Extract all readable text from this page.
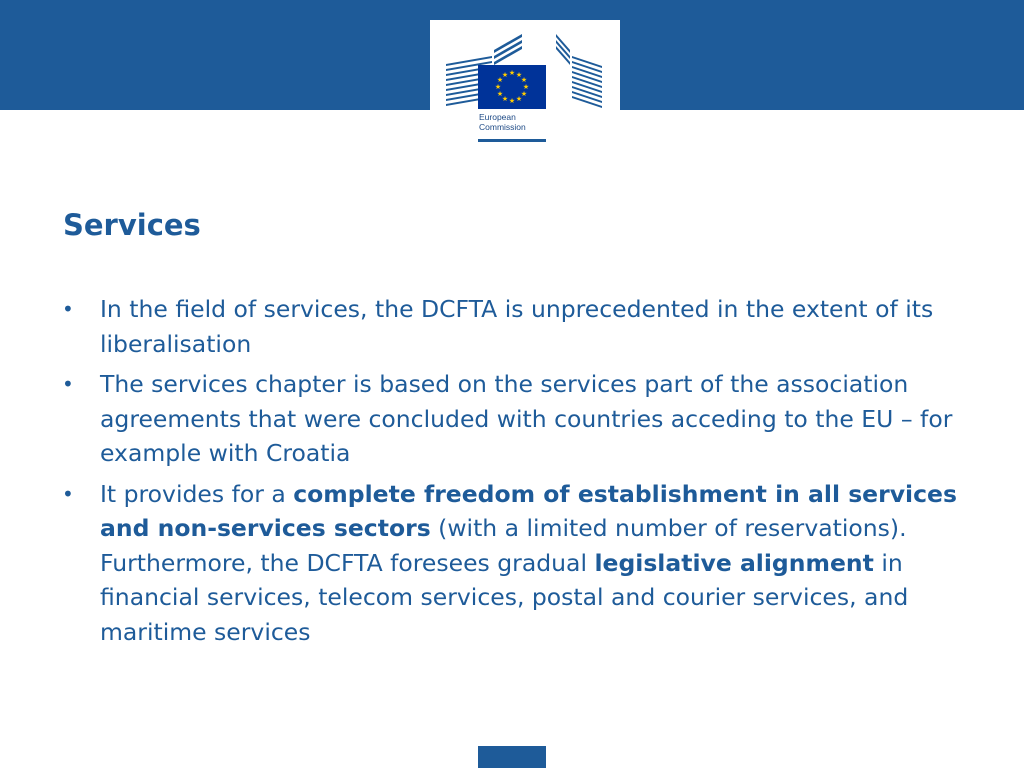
★ ★
★
★
★
★
★
★
★
★
★
★
European
Commission
Services
• In the field of services, the DCFTA is unprecedented in the extent of its liberalisation
• The services chapter is based on the services part of the association agreements that were concluded with countries acceding to the EU – for example with Croatia
• It provides for a complete freedom of establishment in all services and non-services sectors (with a limited number of reservations). Furthermore, the DCFTA foresees gradual legislative alignment in financial services, telecom services, postal and courier services, and maritime services
